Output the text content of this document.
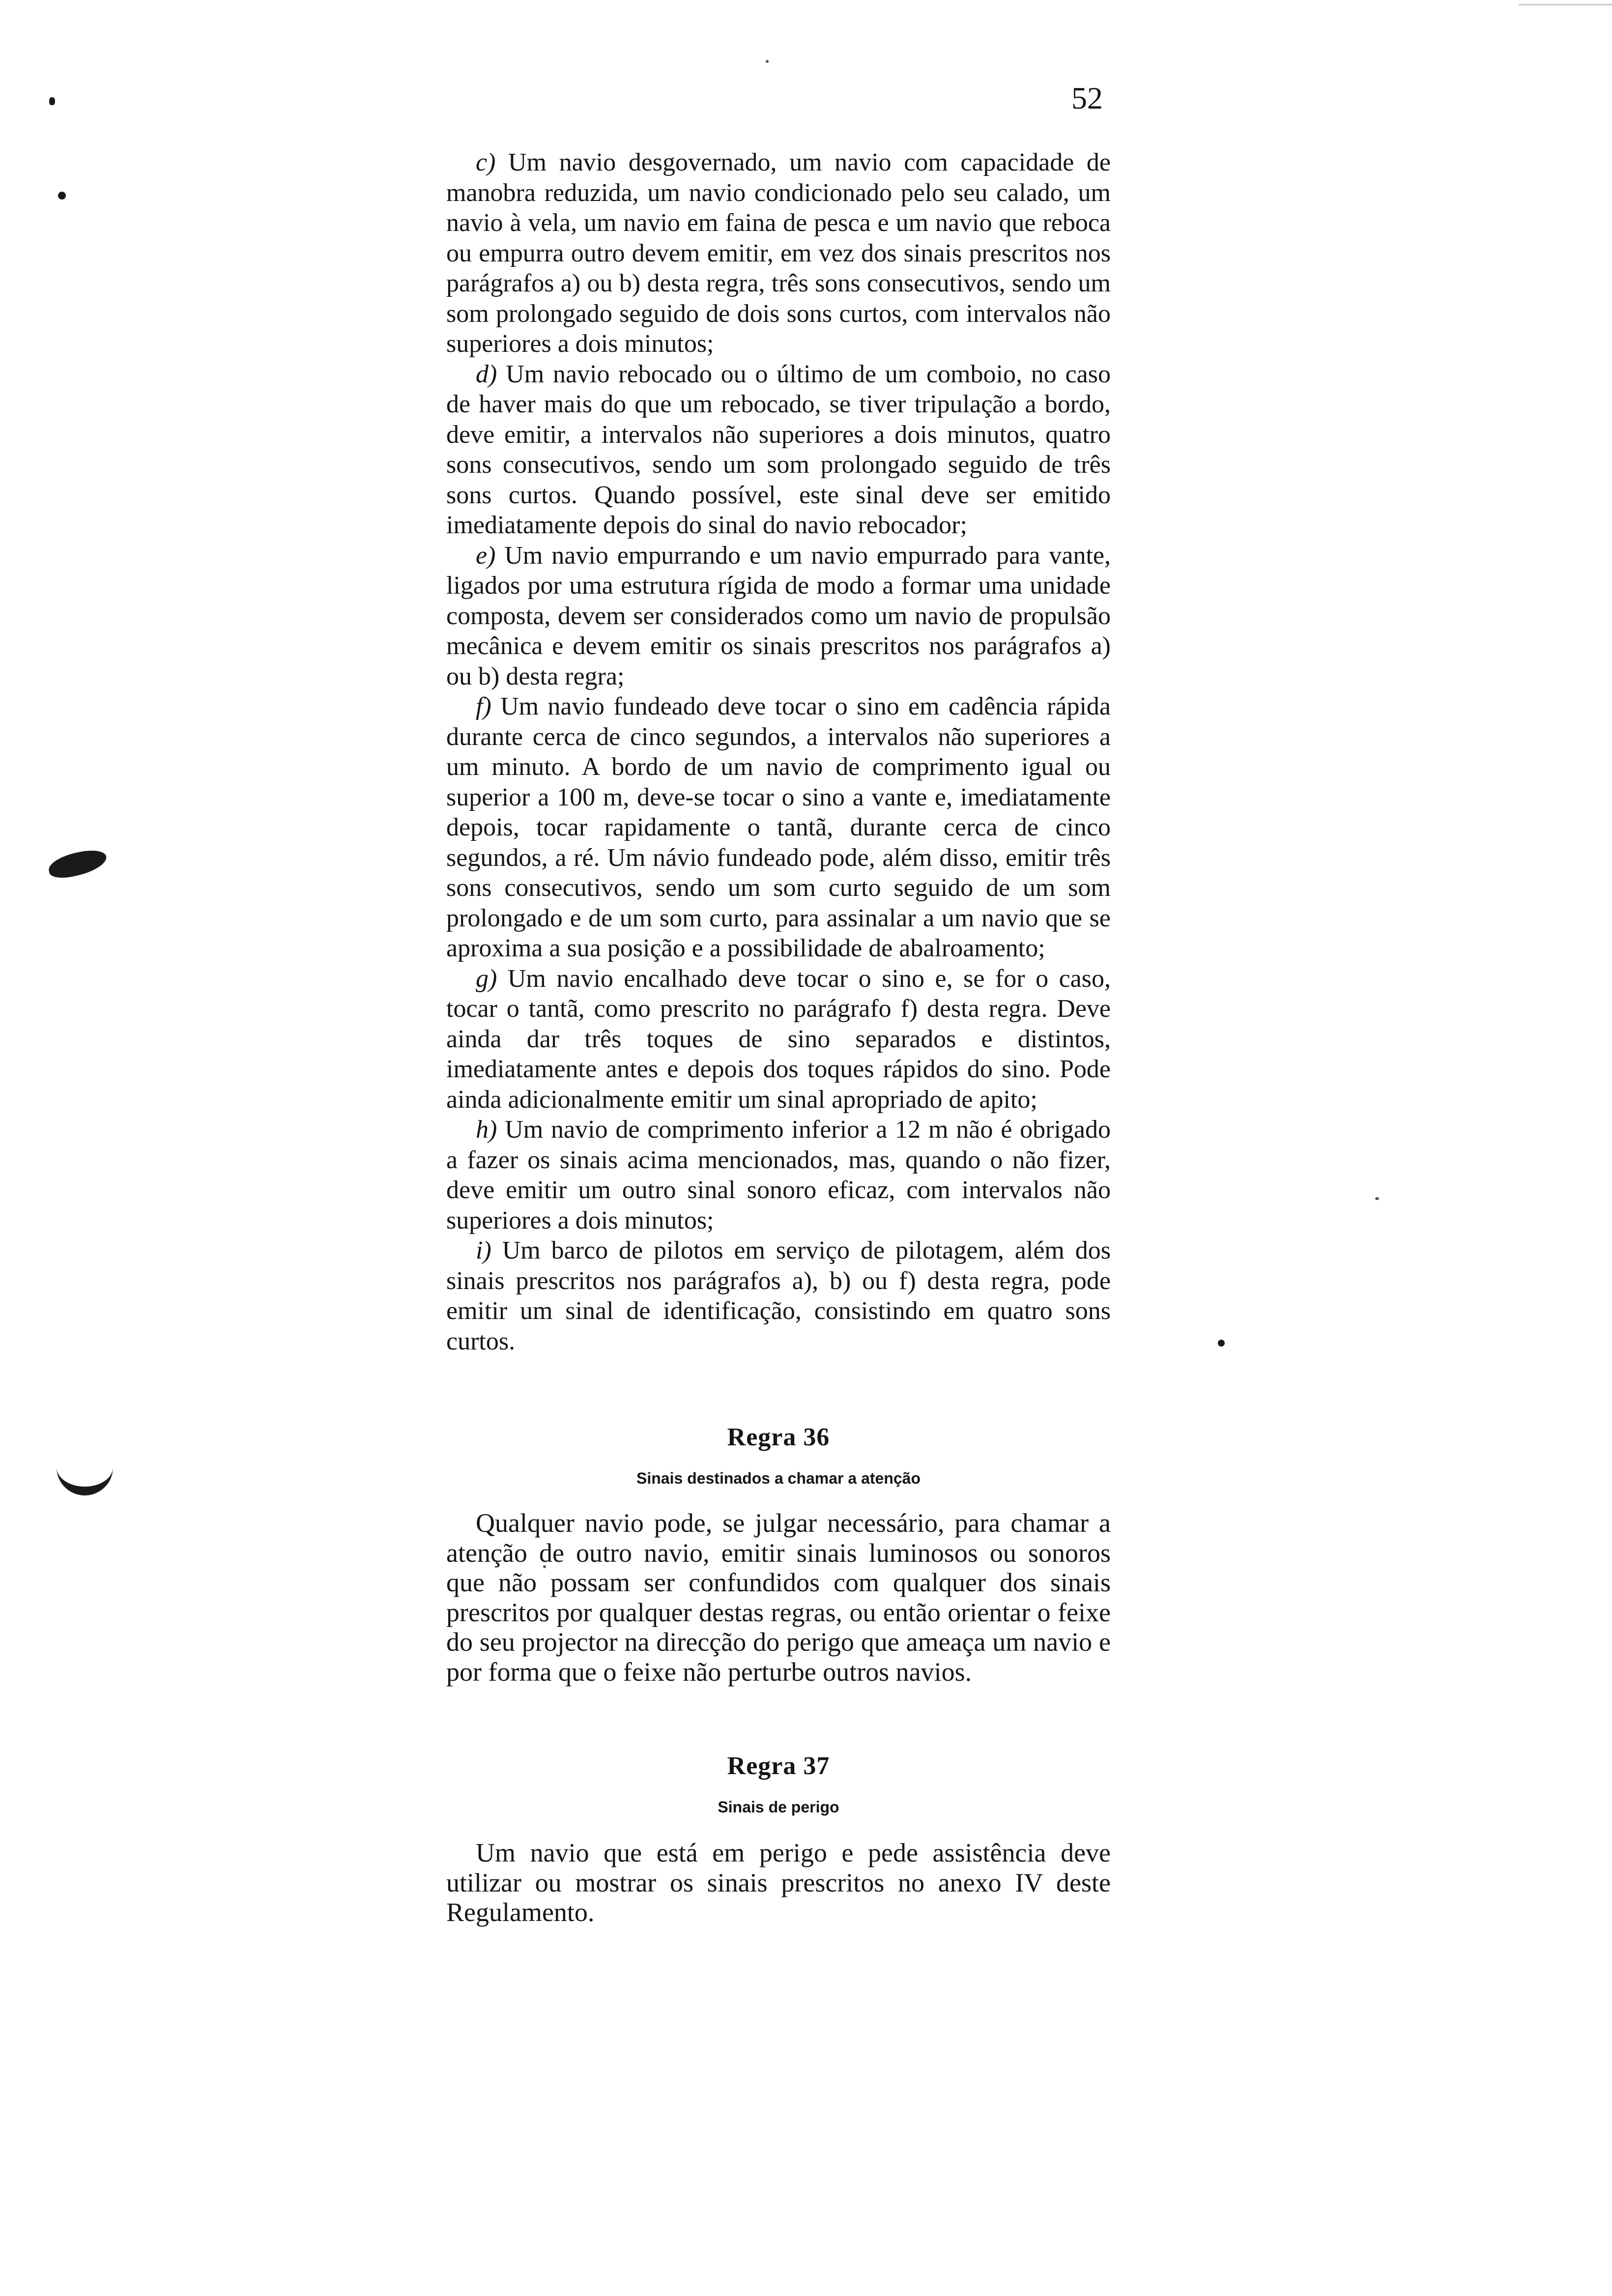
52

c) Um navio desgovernado, um navio com capacidade de manobra reduzida, um navio condicionado pelo seu calado, um navio à vela, um navio em faina de pesca e um navio que reboca ou empurra outro devem emitir, em vez dos sinais prescritos nos parágrafos a) ou b) desta regra, três sons consecutivos, sendo um som prolongado seguido de dois sons curtos, com intervalos não superiores a dois minutos;

d) Um navio rebocado ou o último de um comboio, no caso de haver mais do que um rebocado, se tiver tripulação a bordo, deve emitir, a intervalos não superiores a dois minutos, quatro sons consecutivos, sendo um som prolongado seguido de três sons curtos. Quando possível, este sinal deve ser emitido imediatamente depois do sinal do navio rebocador;

e) Um navio empurrando e um navio empurrado para vante, ligados por uma estrutura rígida de modo a formar uma unidade composta, devem ser considerados como um navio de propulsão mecânica e devem emitir os sinais prescritos nos parágrafos a) ou b) desta regra;

f) Um navio fundeado deve tocar o sino em cadência rápida durante cerca de cinco segundos, a intervalos não superiores a um minuto. A bordo de um navio de comprimento igual ou superior a 100 m, deve-se tocar o sino a vante e, imediatamente depois, tocar rapidamente o tantã, durante cerca de cinco segundos, a ré. Um návio fundeado pode, além disso, emitir três sons consecutivos, sendo um som curto seguido de um som prolongado e de um som curto, para assinalar a um navio que se aproxima a sua posição e a possibilidade de abalroamento;

g) Um navio encalhado deve tocar o sino e, se for o caso, tocar o tantã, como prescrito no parágrafo f) desta regra. Deve ainda dar três toques de sino separados e distintos, imediatamente antes e depois dos toques rápidos do sino. Pode ainda adicionalmente emitir um sinal apropriado de apito;

h) Um navio de comprimento inferior a 12 m não é obrigado a fazer os sinais acima mencionados, mas, quando o não fizer, deve emitir um outro sinal sonoro eficaz, com intervalos não superiores a dois minutos;

i) Um barco de pilotos em serviço de pilotagem, além dos sinais prescritos nos parágrafos a), b) ou f) desta regra, pode emitir um sinal de identificação, consistindo em quatro sons curtos.

Regra 36

Sinais destinados a chamar a atenção

Qualquer navio pode, se julgar necessário, para chamar a atenção de outro navio, emitir sinais luminosos ou sonoros que não possam ser confundidos com qualquer dos sinais prescritos por qualquer destas regras, ou então orientar o feixe do seu projector na direcção do perigo que ameaça um navio e por forma que o feixe não perturbe outros navios.

Regra 37

Sinais de perigo

Um navio que está em perigo e pede assistência deve utilizar ou mostrar os sinais prescritos no anexo IV deste Regulamento.
